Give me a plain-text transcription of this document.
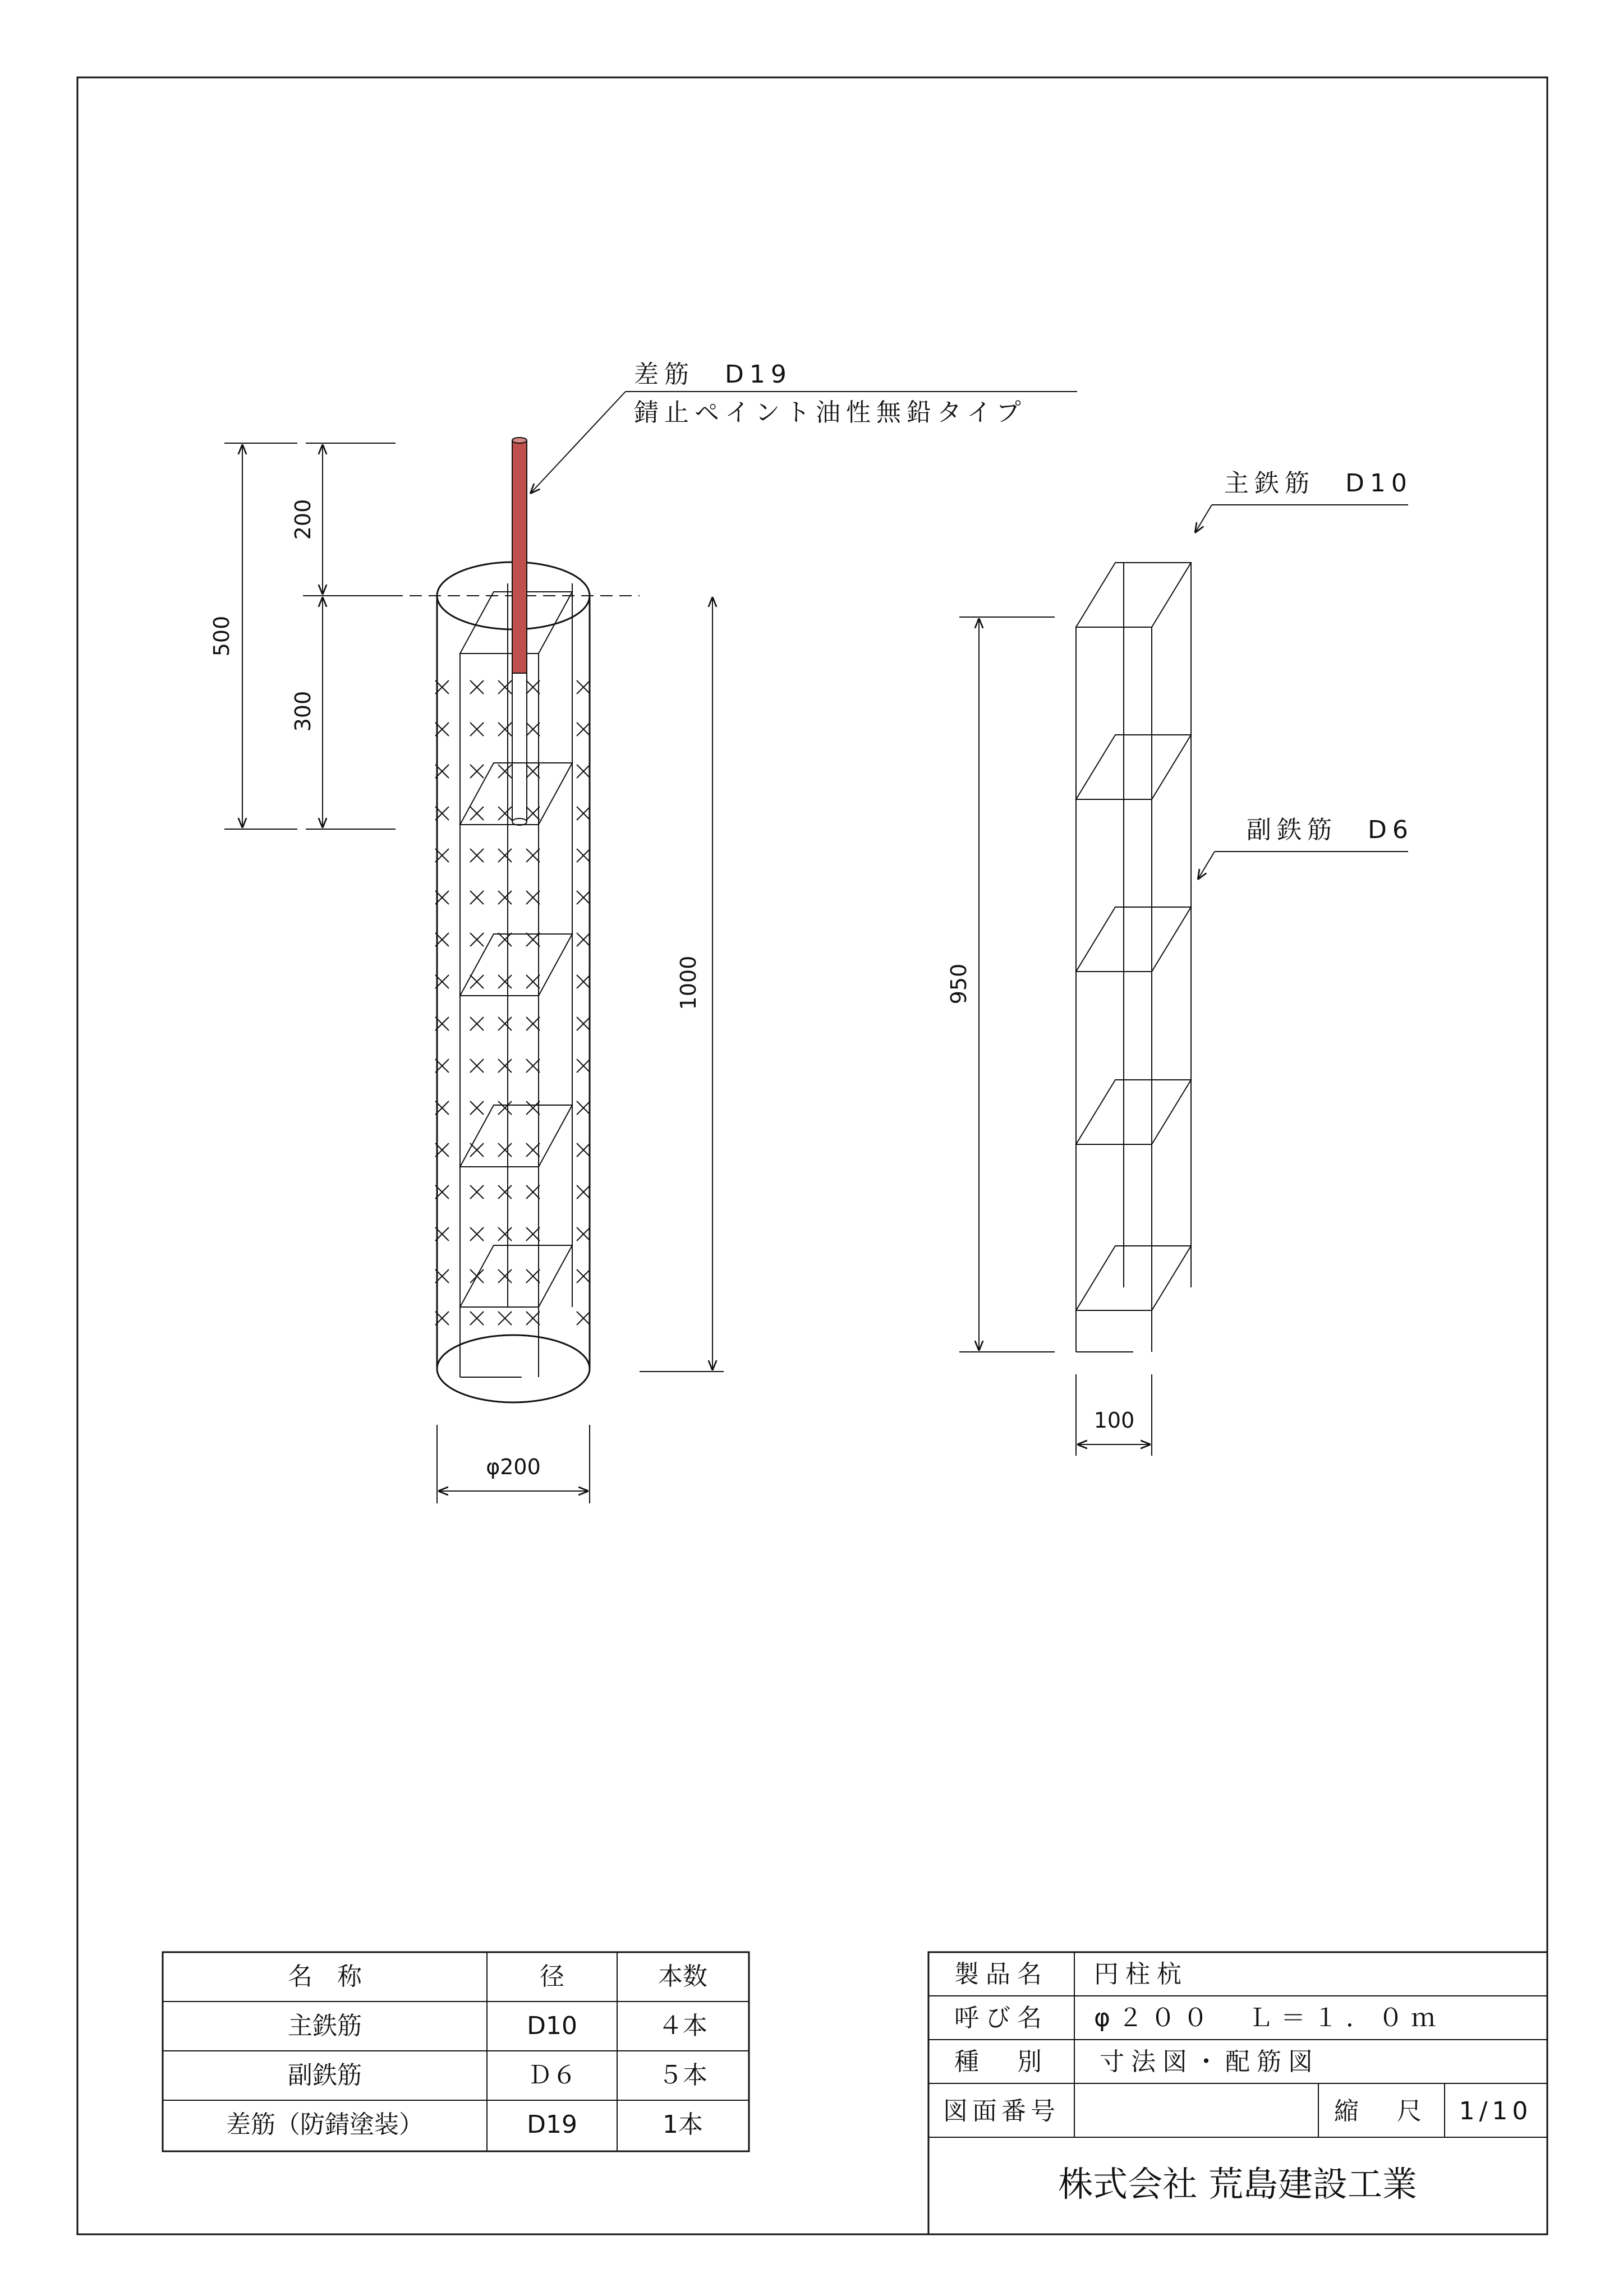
差筋　D19
錆止ペイント油性無鉛タイプ
500
200
300
1000
φ200
主鉄筋　D10
副鉄筋　D6
950
100
名　称	径	本数
主鉄筋	D10	４本
副鉄筋	Ｄ６	５本
差筋（防錆塗装）	D19	1本
製品名 円柱杭
呼び名 φ２００　Ｌ＝１．０ｍ
種　別 寸法図・配筋図
図面番号	縮　尺 1/10
株式会社 荒島建設工業
